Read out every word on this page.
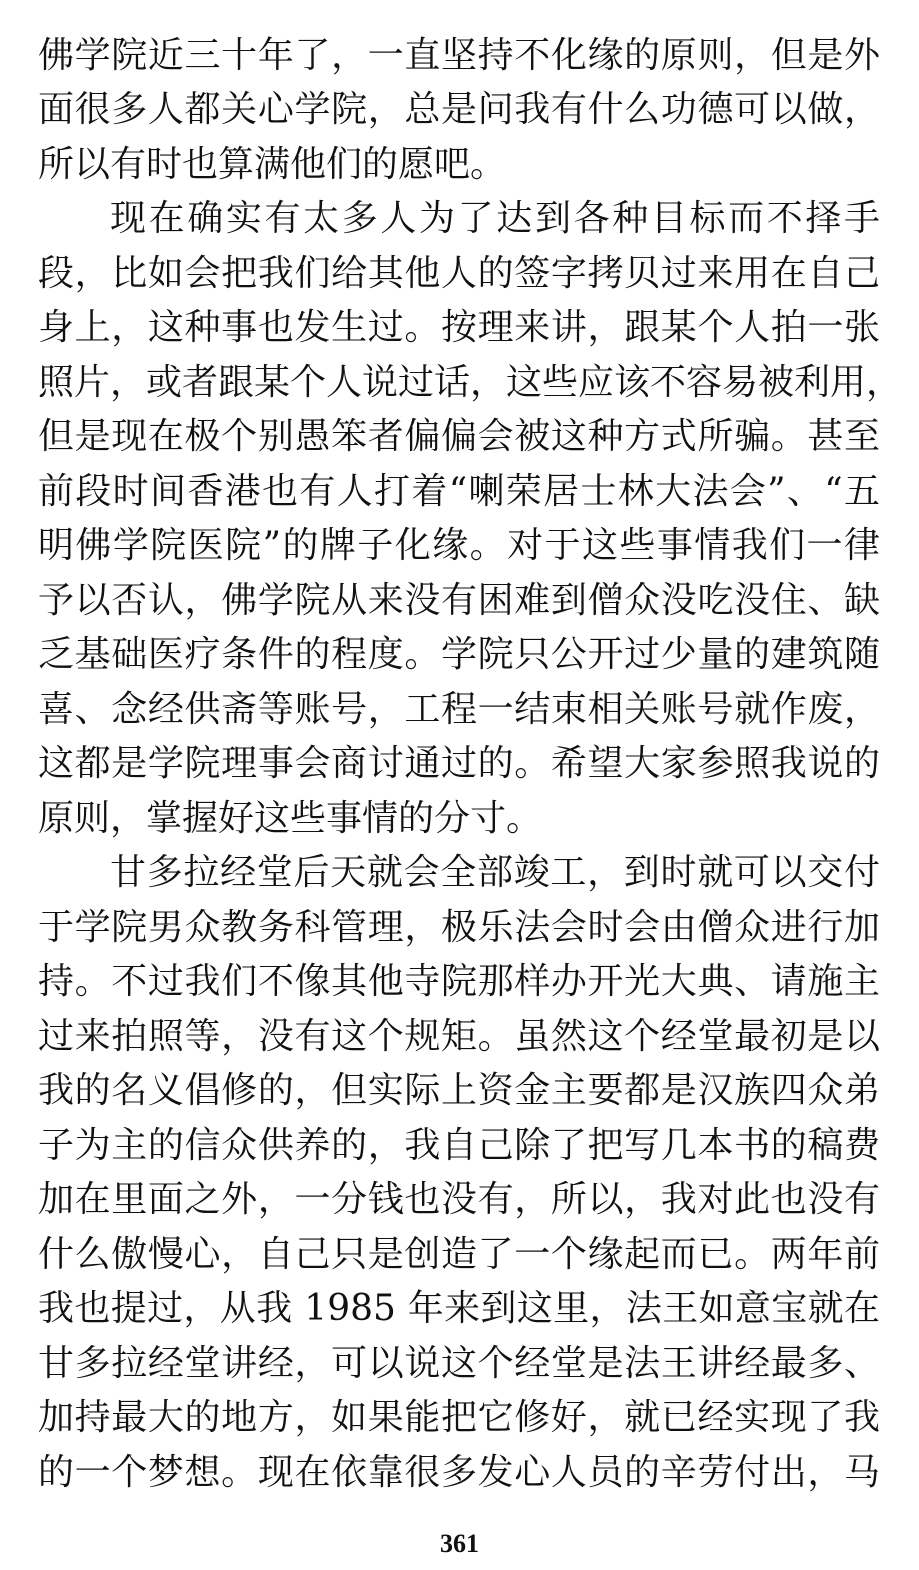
佛学院近三十年了，一直坚持不化缘的原则，但是外
面很多人都关心学院，总是问我有什么功德可以做，
所以有时也算满他们的愿吧。
现在确实有太多人为了达到各种目标而不择手
段，比如会把我们给其他人的签字拷贝过来用在自己
身上，这种事也发生过。按理来讲，跟某个人拍一张
照片，或者跟某个人说过话，这些应该不容易被利用，
但是现在极个别愚笨者偏偏会被这种方式所骗。甚至
前段时间香港也有人打着“喇荣居士林大法会”、“五
明佛学院医院”的牌子化缘。对于这些事情我们一律
予以否认，佛学院从来没有困难到僧众没吃没住、缺
乏基础医疗条件的程度。学院只公开过少量的建筑随
喜、念经供斋等账号，工程一结束相关账号就作废，
这都是学院理事会商讨通过的。希望大家参照我说的
原则，掌握好这些事情的分寸。
甘多拉经堂后天就会全部竣工，到时就可以交付
于学院男众教务科管理，极乐法会时会由僧众进行加
持。不过我们不像其他寺院那样办开光大典、请施主
过来拍照等，没有这个规矩。虽然这个经堂最初是以
我的名义倡修的，但实际上资金主要都是汉族四众弟
子为主的信众供养的，我自己除了把写几本书的稿费
加在里面之外，一分钱也没有，所以，我对此也没有
什么傲慢心，自己只是创造了一个缘起而已。两年前
我也提过，从我 1985 年来到这里，法王如意宝就在
甘多拉经堂讲经，可以说这个经堂是法王讲经最多、
加持最大的地方，如果能把它修好，就已经实现了我
的一个梦想。现在依靠很多发心人员的辛劳付出，马
361
